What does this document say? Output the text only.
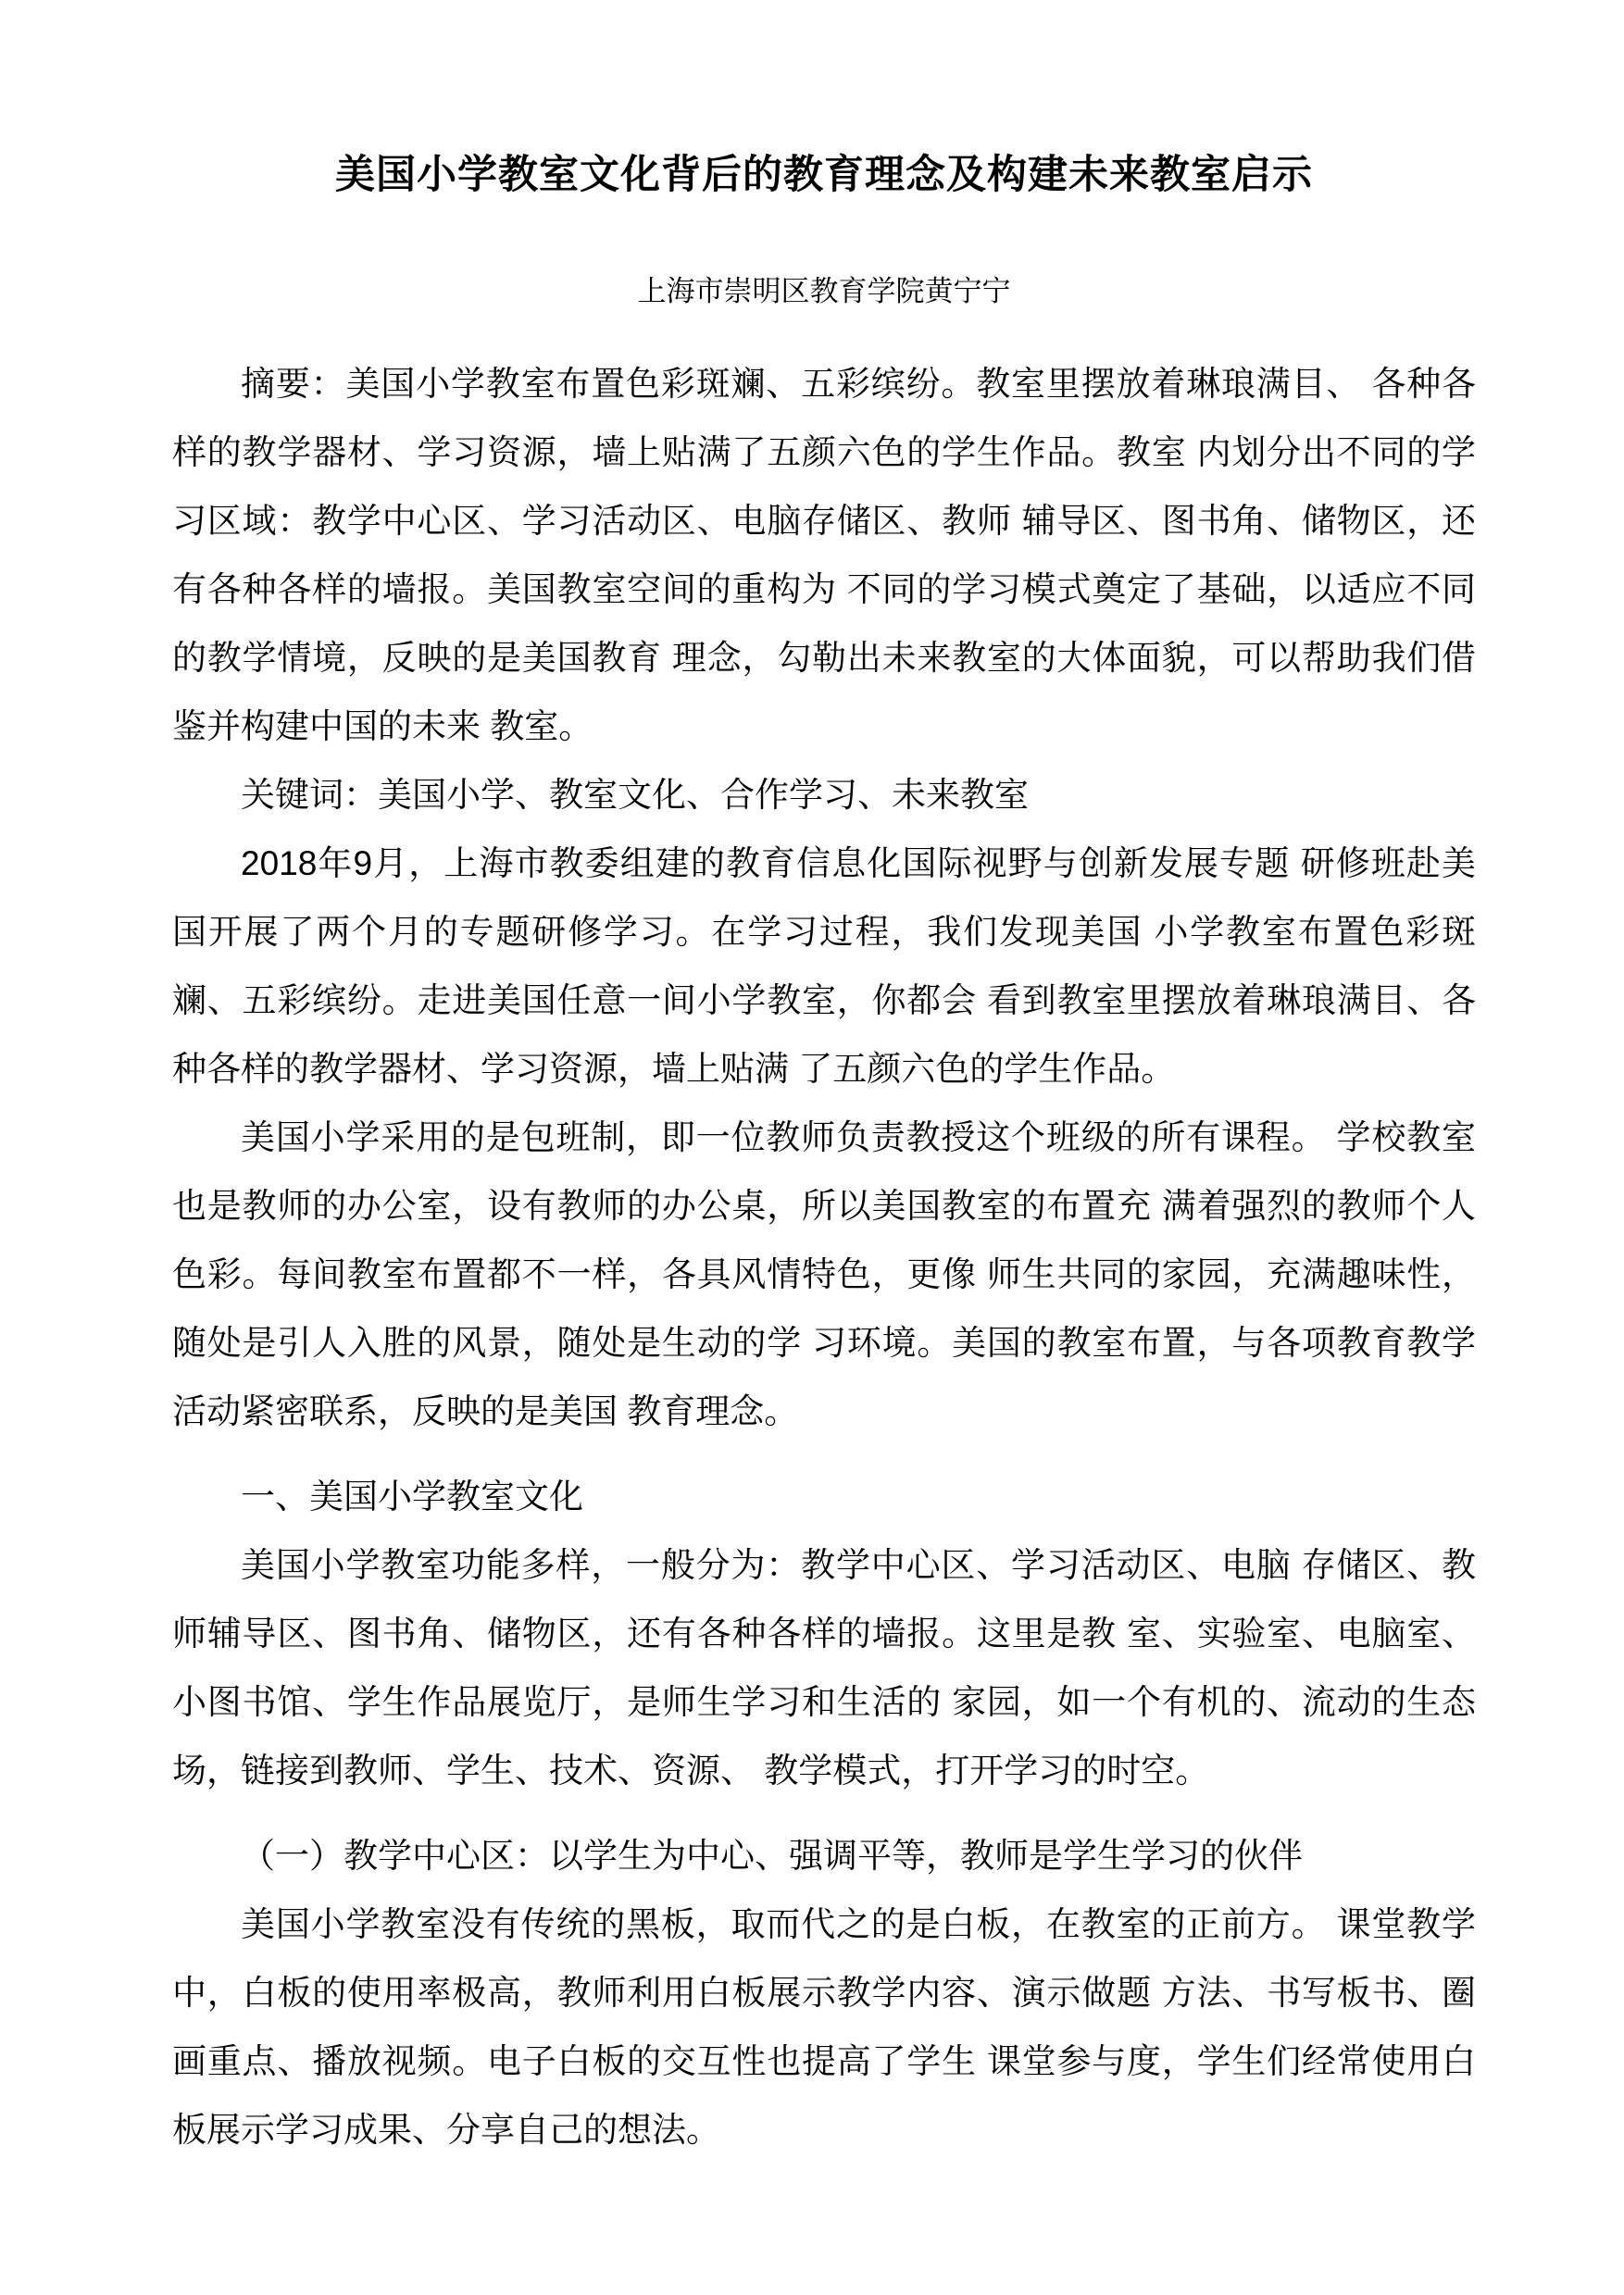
美国小学教室文化背后的教育理念及构建未来教室启示
上海市崇明区教育学院黄宁宁
摘要：美国小学教室布置色彩斑斓、五彩缤纷。教室里摆放着琳琅满目、 各种各样的教学器材、学习资源，墙上贴满了五颜六色的学生作品。教室 内划分出不同的学习区域：教学中心区、学习活动区、电脑存储区、教师 辅导区、图书角、储物区，还有各种各样的墙报。美国教室空间的重构为 不同的学习模式奠定了基础，以适应不同的教学情境，反映的是美国教育 理念，勾勒出未来教室的大体面貌，可以帮助我们借鉴并构建中国的未来 教室。
关键词：美国小学、教室文化、合作学习、未来教室
2018年9月，上海市教委组建的教育信息化国际视野与创新发展专题 研修班赴美国开展了两个月的专题研修学习。在学习过程，我们发现美国 小学教室布置色彩斑斓、五彩缤纷。走进美国任意一间小学教室，你都会 看到教室里摆放着琳琅满目、各种各样的教学器材、学习资源，墙上贴满 了五颜六色的学生作品。
美国小学采用的是包班制，即一位教师负责教授这个班级的所有课程。 学校教室也是教师的办公室，设有教师的办公桌，所以美国教室的布置充 满着强烈的教师个人色彩。每间教室布置都不一样，各具风情特色，更像 师生共同的家园，充满趣味性，随处是引人入胜的风景，随处是生动的学 习环境。美国的教室布置，与各项教育教学活动紧密联系，反映的是美国 教育理念。
一、美国小学教室文化
美国小学教室功能多样，一般分为：教学中心区、学习活动区、电脑 存储区、教师辅导区、图书角、储物区，还有各种各样的墙报。这里是教 室、实验室、电脑室、小图书馆、学生作品展览厅，是师生学习和生活的 家园，如一个有机的、流动的生态场，链接到教师、学生、技术、资源、 教学模式，打开学习的时空。
（一）教学中心区：以学生为中心、强调平等，教师是学生学习的伙伴
美国小学教室没有传统的黑板，取而代之的是白板，在教室的正前方。 课堂教学中，白板的使用率极高，教师利用白板展示教学内容、演示做题 方法、书写板书、圈画重点、播放视频。电子白板的交互性也提高了学生 课堂参与度，学生们经常使用白板展示学习成果、分享自己的想法。
